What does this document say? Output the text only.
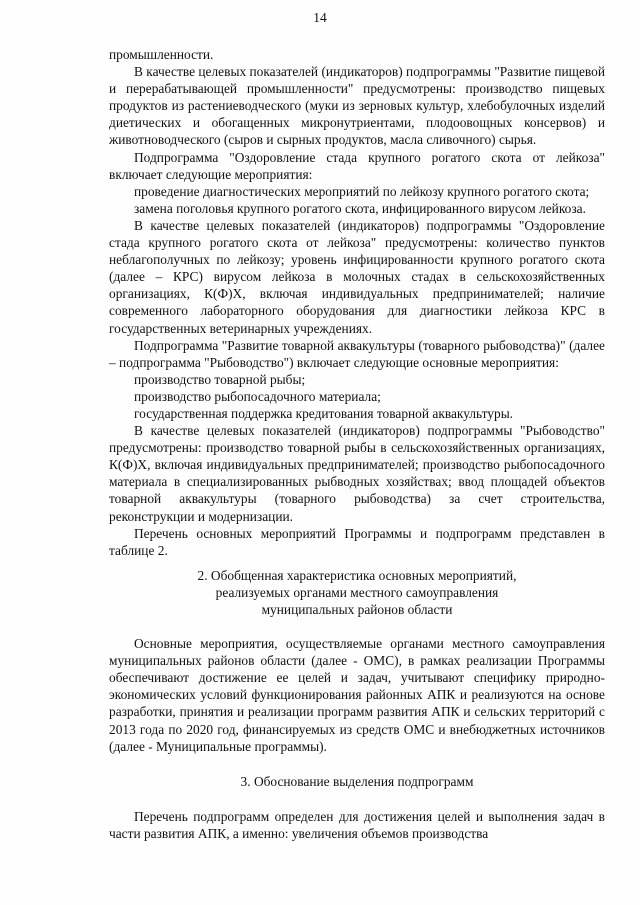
14

промышленности.

В качестве целевых показателей (индикаторов) подпрограммы "Развитие пищевой и перерабатывающей промышленности" предусмотрены: производство пищевых продуктов из растениеводческого (муки из зерновых культур, хлебобулочных изделий диетических и обогащенных микронутриентами, плодоовощных консервов) и животноводческого (сыров и сырных продуктов, масла сливочного) сырья.

Подпрограмма "Оздоровление стада крупного рогатого скота от лейкоза" включает следующие мероприятия:

проведение диагностических мероприятий по лейкозу крупного рогатого скота;

замена поголовья крупного рогатого скота, инфицированного вирусом лейкоза.

В качестве целевых показателей (индикаторов) подпрограммы "Оздоровление стада крупного рогатого скота от лейкоза" предусмотрены: количество пунктов неблагополучных по лейкозу; уровень инфицированности крупного рогатого скота (далее – КРС) вирусом лейкоза в молочных стадах в сельскохозяйственных организациях, К(Ф)Х, включая индивидуальных предпринимателей; наличие современного лабораторного оборудования для диагностики лейкоза КРС в государственных ветеринарных учреждениях.

Подпрограмма "Развитие товарной аквакультуры (товарного рыбоводства)" (далее – подпрограмма "Рыбоводство") включает следующие основные мероприятия:

производство товарной рыбы;

производство рыбопосадочного материала;

государственная поддержка кредитования товарной аквакультуры.

В качестве целевых показателей (индикаторов) подпрограммы "Рыбоводство" предусмотрены: производство товарной рыбы в сельскохозяйственных организациях, К(Ф)Х, включая индивидуальных предпринимателей; производство рыбопосадочного материала в специализированных рыбводных хозяйствах; ввод площадей объектов товарной аквакультуры (товарного рыбоводства) за счет строительства, реконструкции и модернизации.

Перечень основных мероприятий Программы и подпрограмм представлен в таблице 2.

2. Обобщенная характеристика основных мероприятий,

реализуемых органами местного самоуправления

муниципальных районов области

Основные мероприятия, осуществляемые органами местного самоуправления муниципальных районов области (далее - ОМС), в рамках реализации Программы обеспечивают достижение ее целей и задач, учитывают специфику природно-экономических условий функционирования районных АПК и реализуются на основе разработки, принятия и реализации программ развития АПК и сельских территорий с 2013 года по 2020 год, финансируемых из средств ОМС и внебюджетных источников (далее - Муниципальные программы).

3. Обоснование выделения подпрограмм

Перечень подпрограмм определен для достижения целей и выполнения задач в части развития АПК, а именно: увеличения объемов производства
